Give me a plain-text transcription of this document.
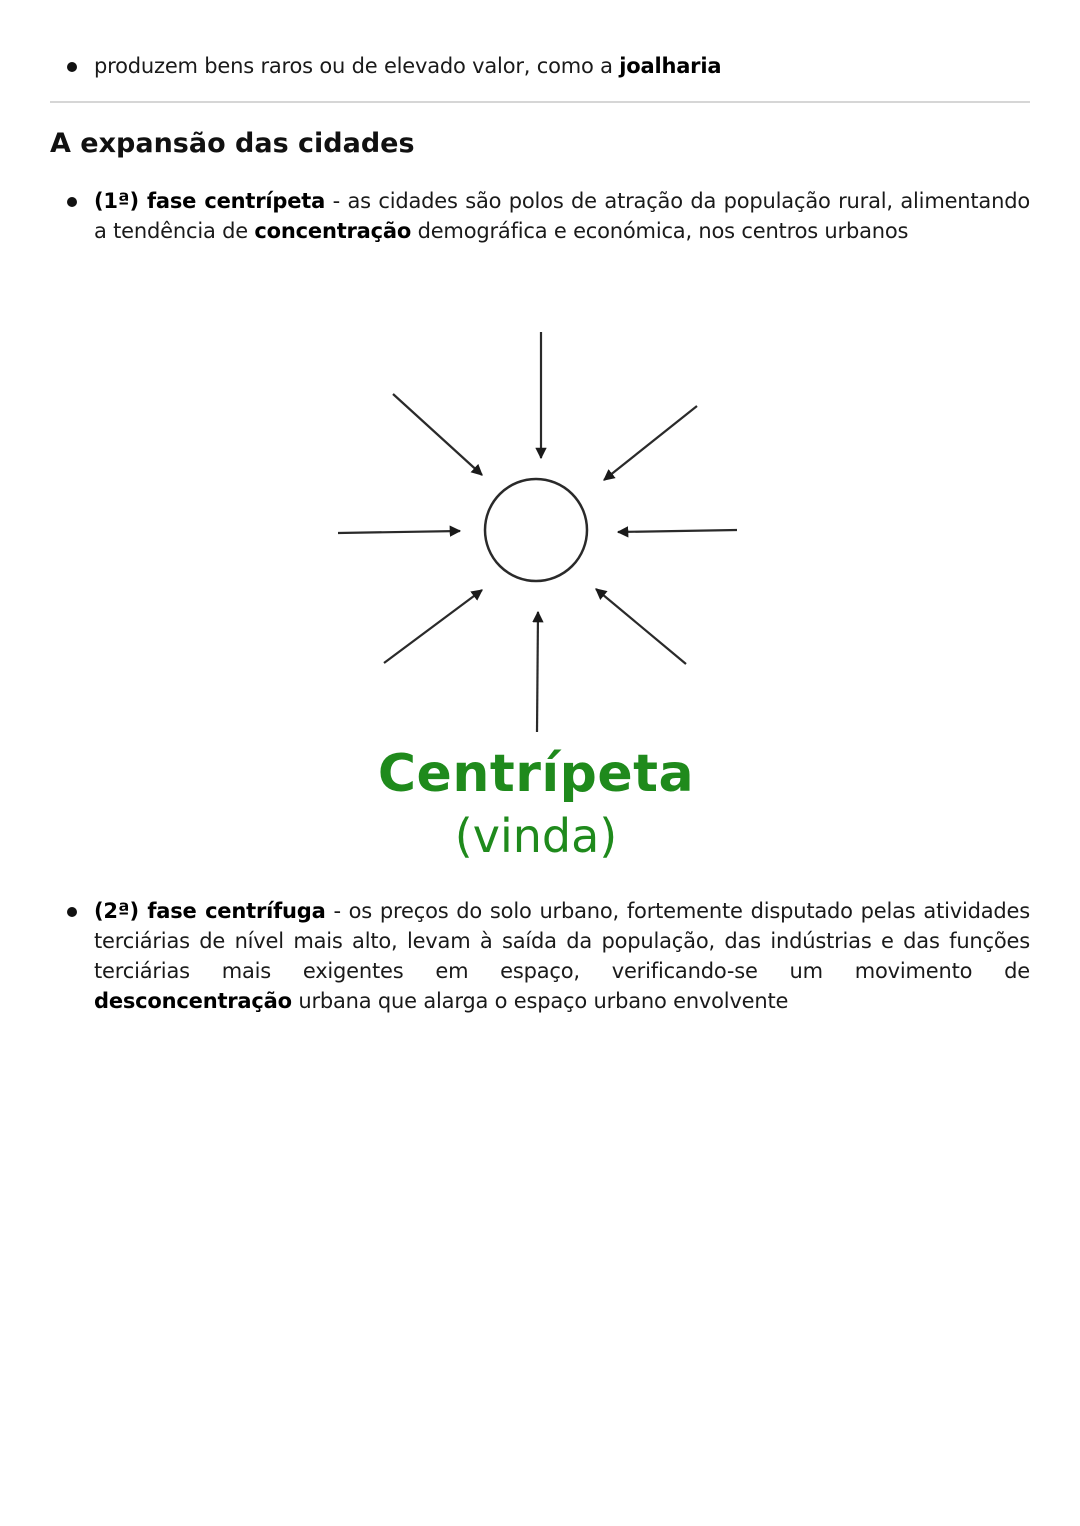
produzem bens raros ou de elevado valor, como a joalharia
A expansão das cidades
(1ª) fase centrípeta - as cidades são polos de atração da população rural, alimentando a tendência de concentração demográfica e económica, nos centros urbanos
(2ª) fase centrífuga - os preços do solo urbano, fortemente disputado pelas atividades terciárias de nível mais alto, levam à saída da população, das indústrias e das funções terciárias mais exigentes em espaço, verificando-se um movimento de desconcentração urbana que alarga o espaço urbano envolvente
Centrípeta
(vinda)
